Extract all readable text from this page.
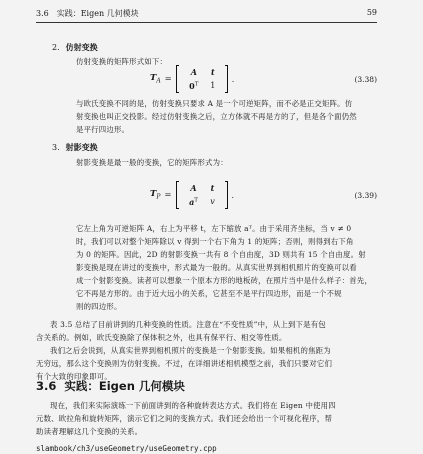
3.6　实践：Eigen 几何模块	59
2. 仿射变换
仿射变换的矩阵形式如下：
$T_A$ =
A	t
$0^T$	1
.	(3.38)
与欧氏变换不同的是，仿射变换只要求 A 是一个可逆矩阵，而不必是正交矩阵。仿
射变换也叫正交投影。经过仿射变换之后，立方体就不再是方的了，但是各个面仍然
是平行四边形。
3. 射影变换
射影变换是最一般的变换，它的矩阵形式为：
$T_P$ =
A	t
$a^T$	v
.	(3.39)
它左上角为可逆矩阵 A，右上为平移 t，左下缩放 aᵀ。由于采用齐坐标，当 v ≠ 0
时，我们可以对整个矩阵除以 v 得到一个右下角为 1 的矩阵；否则，则得到右下角
为 0 的矩阵。因此，2D 的射影变换一共有 8 个自由度，3D 则共有 15 个自由度。射
影变换是现在讲过的变换中，形式最为一般的。从真实世界到相机照片的变换可以看
成一个射影变换。读者可以想象一个原本方形的地板砖，在照片当中是什么样子：首先，
它不再是方形的。由于近大远小的关系，它甚至不是平行四边形，而是一个不规
则的四边形。
表 3.5 总结了目前讲到的几种变换的性质。注意在“不变性质”中，从上到下是有包
含关系的。例如，欧氏变换除了保体积之外，也具有保平行、相交等性质。
我们之后会说到，从真实世界到相机照片的变换是一个射影变换。如果相机的焦距为
无穷远，那么这个变换则为仿射变换。不过，在详细讲述相机模型之前，我们只要对它们
有个大致的印象即可。
3.6 实践：Eigen 几何模块
现在，我们来实际演练一下前面讲到的各种旋转表达方式。我们将在 Eigen 中使用四
元数、欧拉角和旋转矩阵，演示它们之间的变换方式。我们还会给出一个可视化程序，帮
助读者理解这几个变换的关系。
slambook/ch3/useGeometry/useGeometry.cpp
